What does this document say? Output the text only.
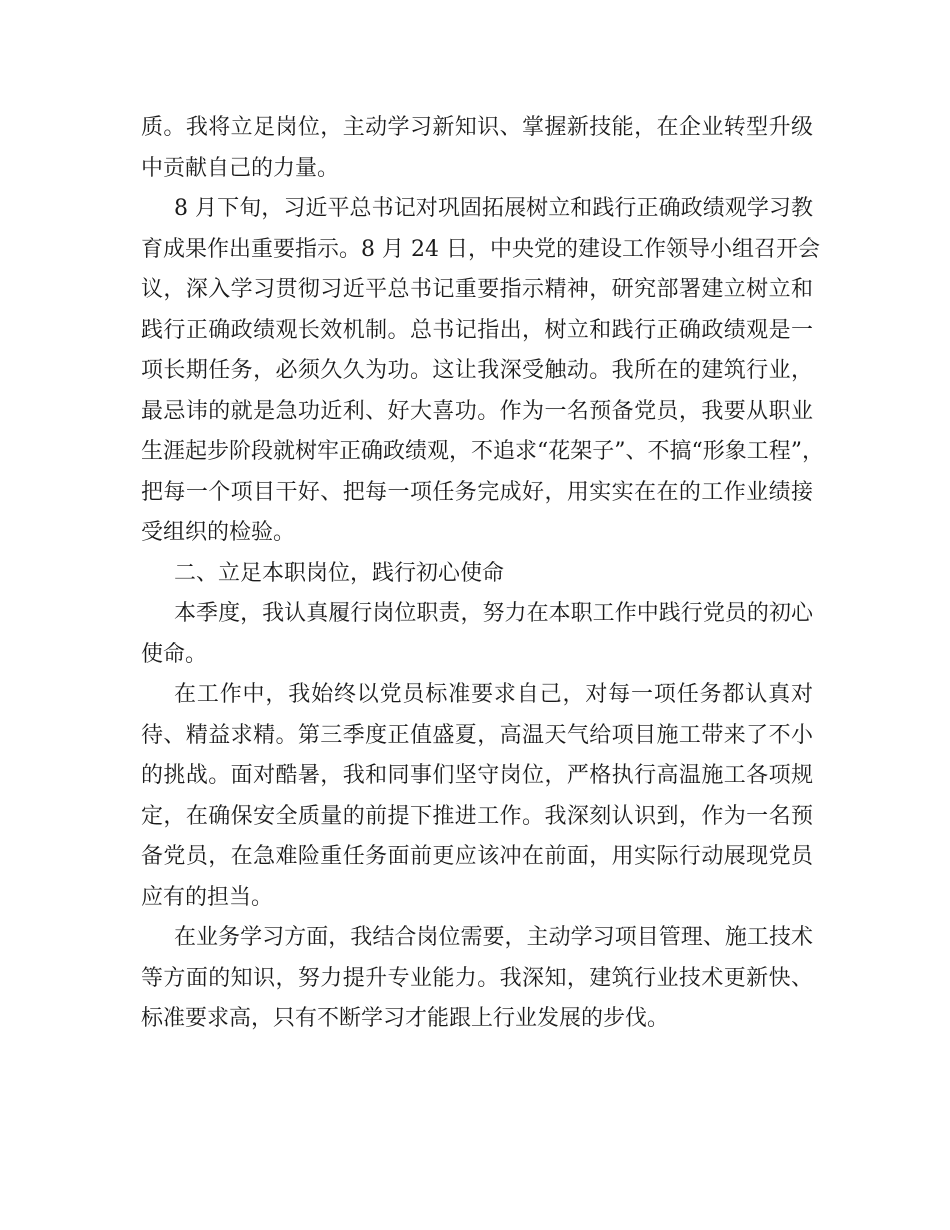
质。我将立足岗位，主动学习新知识、掌握新技能，在企业转型升级
中贡献自己的力量。
8 月下旬，习近平总书记对巩固拓展树立和践行正确政绩观学习教
育成果作出重要指示。8 月 24 日，中央党的建设工作领导小组召开会
议，深入学习贯彻习近平总书记重要指示精神，研究部署建立树立和
践行正确政绩观长效机制。总书记指出，树立和践行正确政绩观是一
项长期任务，必须久久为功。这让我深受触动。我所在的建筑行业，
最忌讳的就是急功近利、好大喜功。作为一名预备党员，我要从职业
生涯起步阶段就树牢正确政绩观，不追求“花架子”、不搞“形象工程”，
把每一个项目干好、把每一项任务完成好，用实实在在的工作业绩接
受组织的检验。
二、立足本职岗位，践行初心使命
本季度，我认真履行岗位职责，努力在本职工作中践行党员的初心
使命。
在工作中，我始终以党员标准要求自己，对每一项任务都认真对
待、精益求精。第三季度正值盛夏，高温天气给项目施工带来了不小
的挑战。面对酷暑，我和同事们坚守岗位，严格执行高温施工各项规
定，在确保安全质量的前提下推进工作。我深刻认识到，作为一名预
备党员，在急难险重任务面前更应该冲在前面，用实际行动展现党员
应有的担当。
在业务学习方面，我结合岗位需要，主动学习项目管理、施工技术
等方面的知识，努力提升专业能力。我深知，建筑行业技术更新快、
标准要求高，只有不断学习才能跟上行业发展的步伐。
